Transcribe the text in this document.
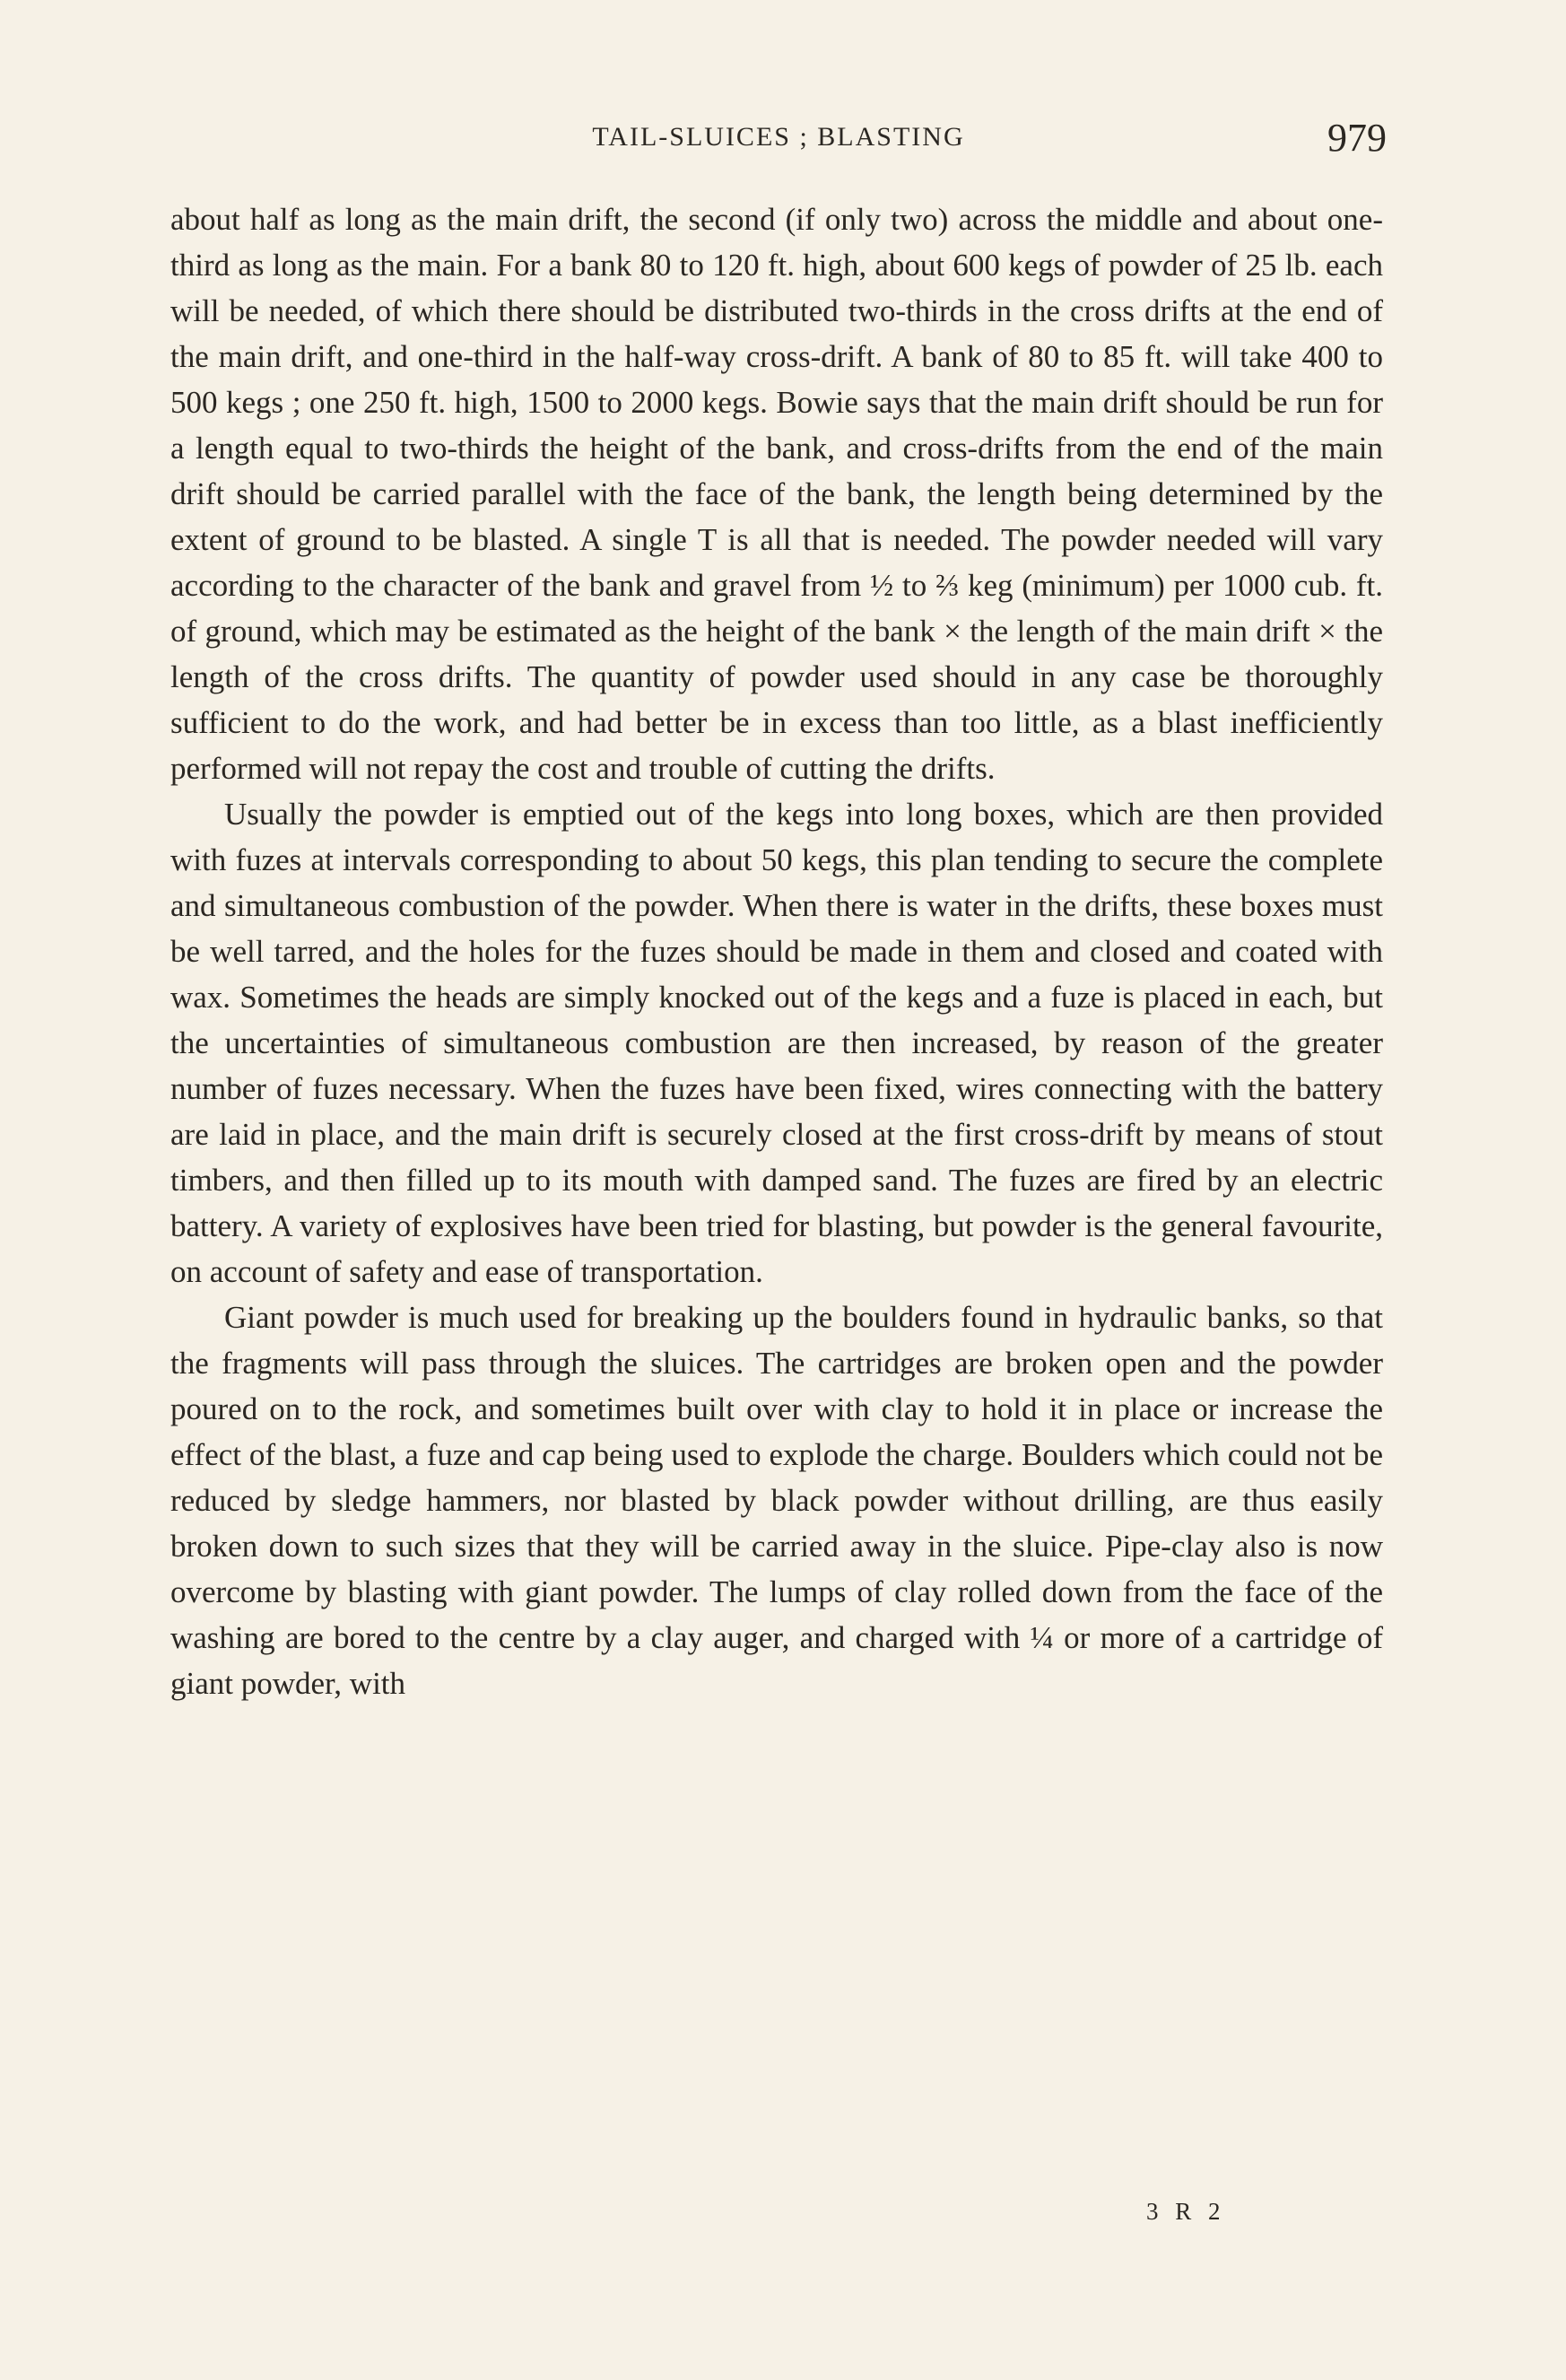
TAIL-SLUICES ; BLASTING	979

about half as long as the main drift, the second (if only two) across the middle and about one-third as long as the main. For a bank 80 to 120 ft. high, about 600 kegs of powder of 25 lb. each will be needed, of which there should be distributed two-thirds in the cross drifts at the end of the main drift, and one-third in the half-way cross-drift. A bank of 80 to 85 ft. will take 400 to 500 kegs ; one 250 ft. high, 1500 to 2000 kegs. Bowie says that the main drift should be run for a length equal to two-thirds the height of the bank, and cross-drifts from the end of the main drift should be carried parallel with the face of the bank, the length being determined by the extent of ground to be blasted. A single T is all that is needed. The powder needed will vary according to the character of the bank and gravel from ½ to ⅔ keg (minimum) per 1000 cub. ft. of ground, which may be estimated as the height of the bank × the length of the main drift × the length of the cross drifts. The quantity of powder used should in any case be thoroughly sufficient to do the work, and had better be in excess than too little, as a blast inefficiently performed will not repay the cost and trouble of cutting the drifts.

Usually the powder is emptied out of the kegs into long boxes, which are then provided with fuzes at intervals corresponding to about 50 kegs, this plan tending to secure the complete and simultaneous combustion of the powder. When there is water in the drifts, these boxes must be well tarred, and the holes for the fuzes should be made in them and closed and coated with wax. Sometimes the heads are simply knocked out of the kegs and a fuze is placed in each, but the uncertainties of simultaneous combustion are then increased, by reason of the greater number of fuzes necessary. When the fuzes have been fixed, wires connecting with the battery are laid in place, and the main drift is securely closed at the first cross-drift by means of stout timbers, and then filled up to its mouth with damped sand. The fuzes are fired by an electric battery. A variety of explosives have been tried for blasting, but powder is the general favourite, on account of safety and ease of transportation.

Giant powder is much used for breaking up the boulders found in hydraulic banks, so that the fragments will pass through the sluices. The cartridges are broken open and the powder poured on to the rock, and sometimes built over with clay to hold it in place or increase the effect of the blast, a fuze and cap being used to explode the charge. Boulders which could not be reduced by sledge hammers, nor blasted by black powder without drilling, are thus easily broken down to such sizes that they will be carried away in the sluice. Pipe-clay also is now overcome by blasting with giant powder. The lumps of clay rolled down from the face of the washing are bored to the centre by a clay auger, and charged with ¼ or more of a cartridge of giant powder, with

3 R 2
